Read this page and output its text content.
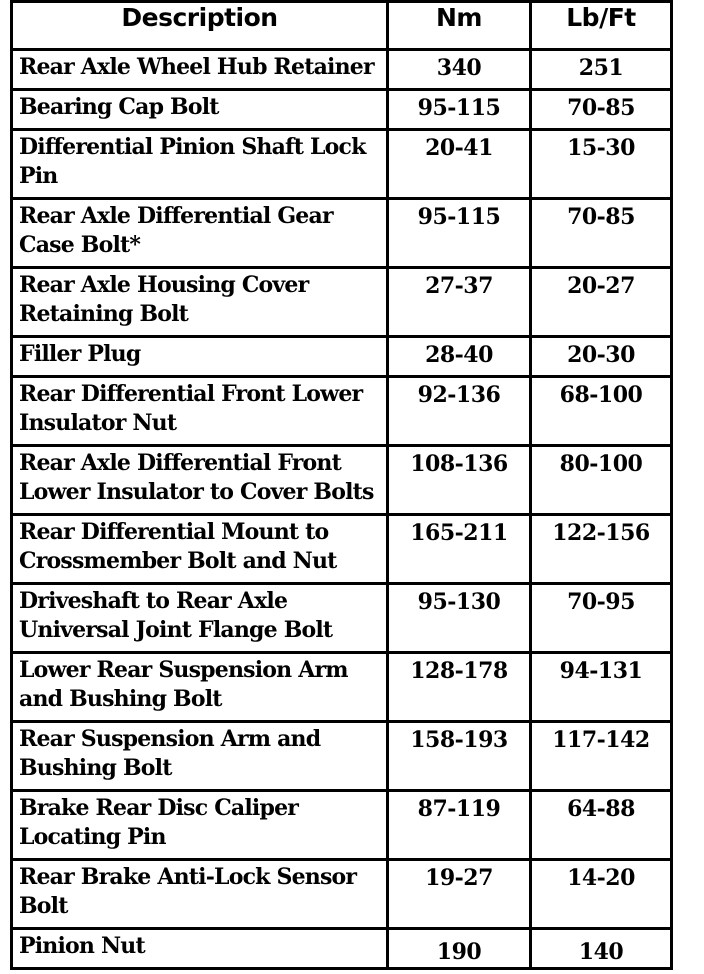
Description	Nm	Lb/Ft
Rear Axle Wheel Hub Retainer	340	251
Bearing Cap Bolt	95-115	70-85
Differential Pinion Shaft Lock Pin	20-41	15-30
Rear Axle Differential Gear Case Bolt*	95-115	70-85
Rear Axle Housing Cover Retaining Bolt	27-37	20-27
Filler Plug	28-40	20-30
Rear Differential Front Lower Insulator Nut	92-136	68-100
Rear Axle Differential Front Lower Insulator to Cover Bolts	108-136	80-100
Rear Differential Mount to Crossmember Bolt and Nut	165-211	122-156
Driveshaft to Rear Axle Universal Joint Flange Bolt	95-130	70-95
Lower Rear Suspension Arm and Bushing Bolt	128-178	94-131
Rear Suspension Arm and Bushing Bolt	158-193	117-142
Brake Rear Disc Caliper Locating Pin	87-119	64-88
Rear Brake Anti-Lock Sensor Bolt	19-27	14-20
Pinion Nut	190	140
